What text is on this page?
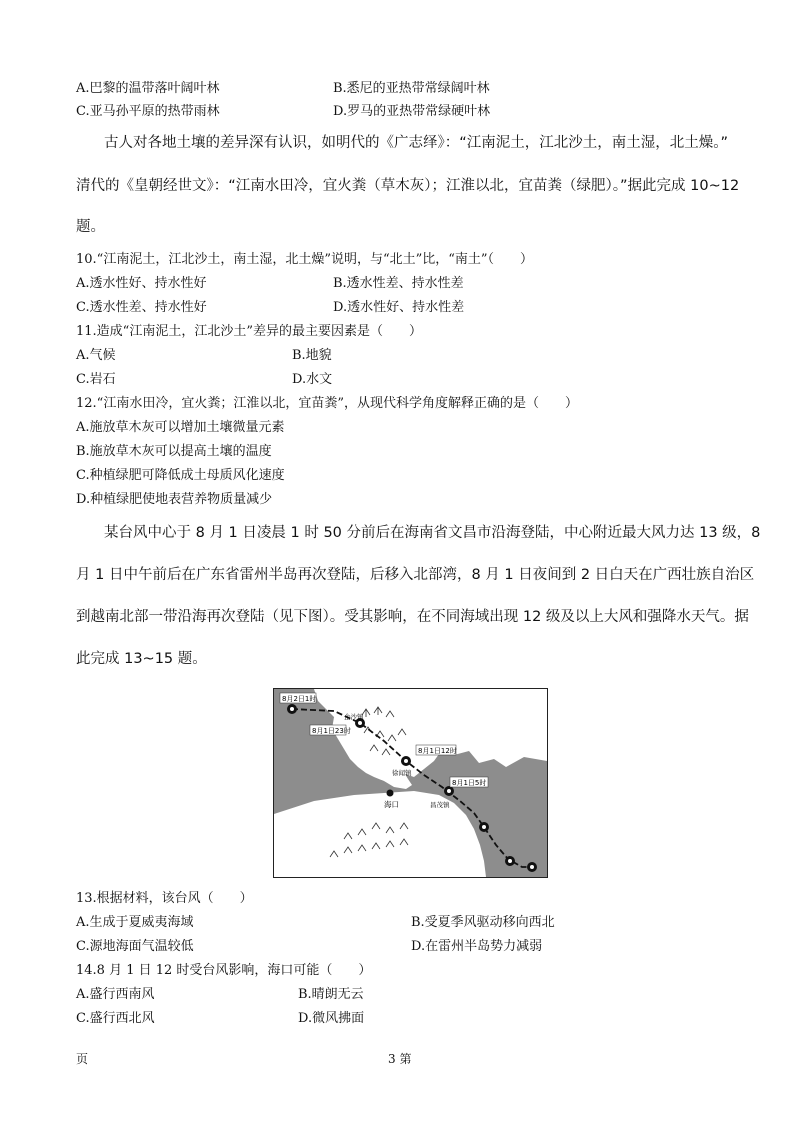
A.巴黎的温带落叶阔叶林	B.悉尼的亚热带常绿阔叶林
C.亚马孙平原的热带雨林	D.罗马的亚热带常绿硬叶林
古人对各地土壤的差异深有认识，如明代的《广志绎》：“江南泥土，江北沙土，南土湿，北土燥。”
清代的《皇朝经世文》：“江南水田冷，宜火粪（草木灰）；江淮以北，宜苗粪（绿肥）。”据此完成 10~12
题。
10.“江南泥土，江北沙土，南土湿，北土燥”说明，与“北土”比，“南土”（　　）
A.透水性好、持水性好	B.透水性差、持水性差
C.透水性差、持水性好	D.透水性好、持水性差
11.造成“江南泥土，江北沙土”差异的最主要因素是（　　）
A.气候	B.地貌
C.岩石	D.水文
12.“江南水田冷，宜火粪；江淮以北，宜苗粪”，从现代科学角度解释正确的是（　　）
A.施放草木灰可以增加土壤微量元素
B.施放草木灰可以提高土壤的温度
C.种植绿肥可降低成土母质风化速度
D.种植绿肥使地表营养物质量减少
某台风中心于 8 月 1 日凌晨 1 时 50 分前后在海南省文昌市沿海登陆，中心附近最大风力达 13 级，8
月 1 日中午前后在广东省雷州半岛再次登陆，后移入北部湾，8 月 1 日夜间到 2 日白天在广西壮族自治区
到越南北部一带沿海再次登陆（见下图）。受其影响，在不同海域出现 12 级及以上大风和强降水天气。据
此完成 13~15 题。
8月2日1时
8月1日23时
8月1日12时
8月1日5时
企沙镇
徐闻镇
昌茂镇
海口
13.根据材料，该台风（　　）
A.生成于夏威夷海域	B.受夏季风驱动移向西北
C.源地海面气温较低	D.在雷州半岛势力减弱
14.8 月 1 日 12 时受台风影响，海口可能（　　）
A.盛行西南风	B.晴朗无云
C.盛行西北风	D.微风拂面
页	3 第
